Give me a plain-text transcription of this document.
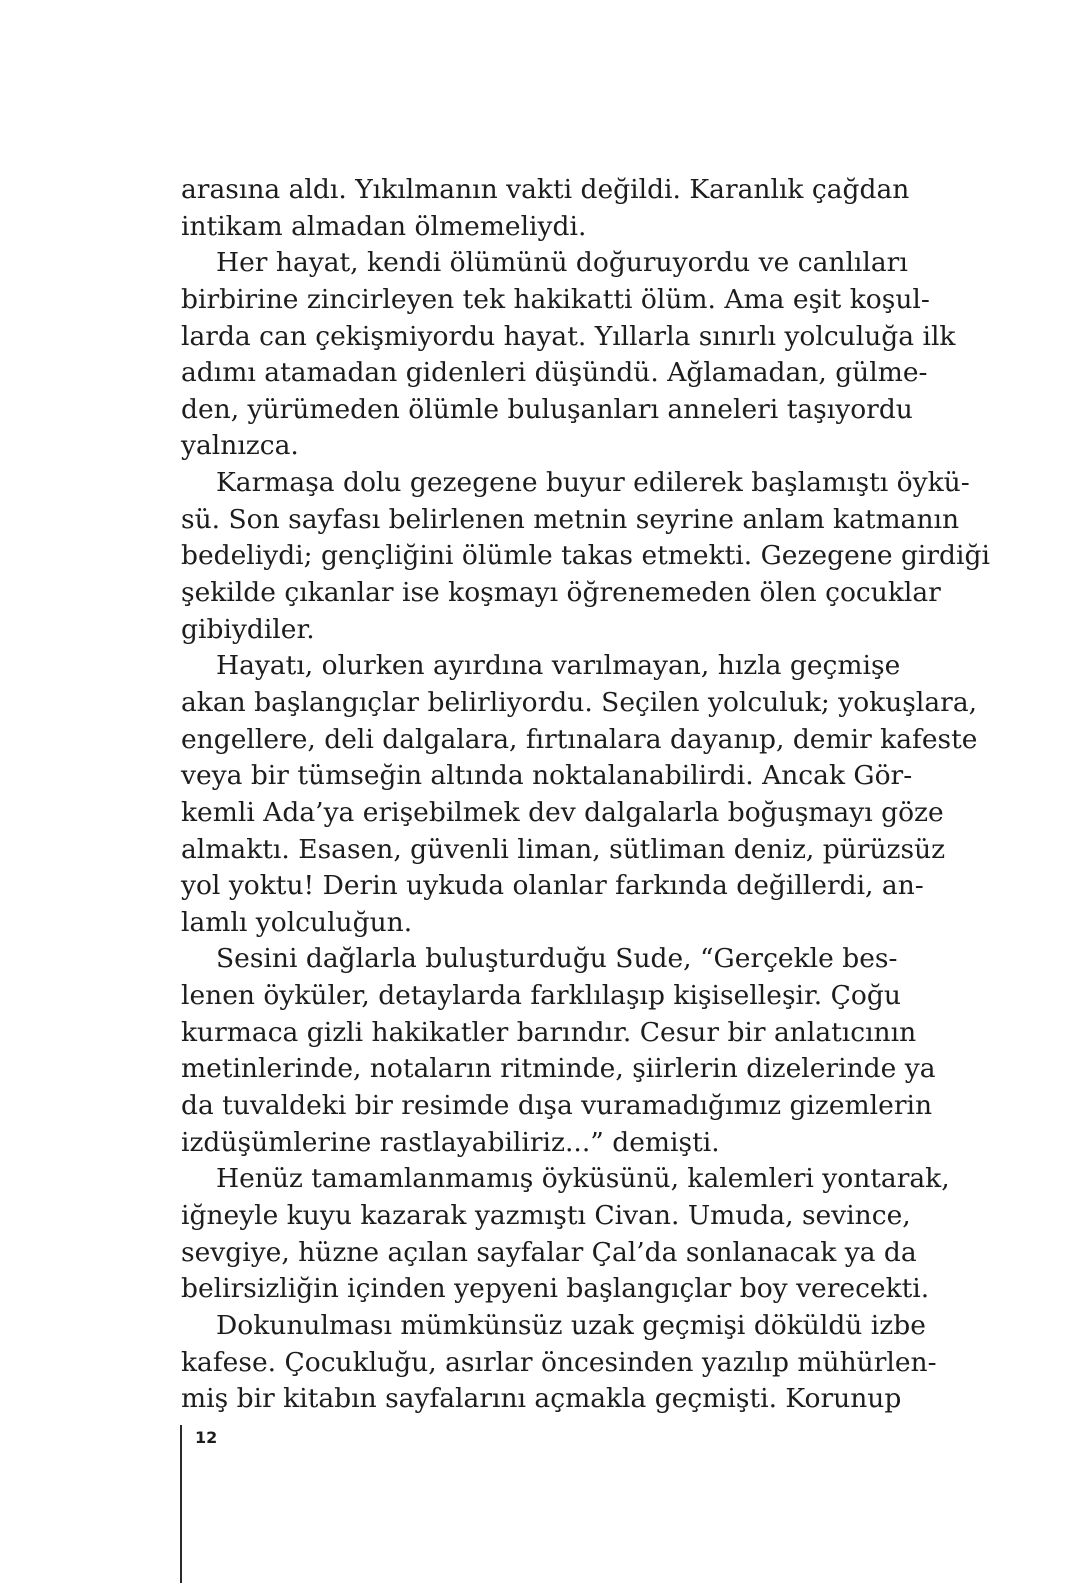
arasına aldı. Yıkılmanın vakti değildi. Karanlık çağdan
intikam almadan ölmemeliydi.
Her hayat, kendi ölümünü doğuruyordu ve canlıları
birbirine zincirleyen tek hakikatti ölüm. Ama eşit koşul-
larda can çekişmiyordu hayat. Yıllarla sınırlı yolculuğa ilk
adımı atamadan gidenleri düşündü. Ağlamadan, gülme-
den, yürümeden ölümle buluşanları anneleri taşıyordu
yalnızca.
Karmaşa dolu gezegene buyur edilerek başlamıştı öykü-
sü. Son sayfası belirlenen metnin seyrine anlam katmanın
bedeliydi; gençliğini ölümle takas etmekti. Gezegene girdiği
şekilde çıkanlar ise koşmayı öğrenemeden ölen çocuklar
gibiydiler.
Hayatı, olurken ayırdına varılmayan, hızla geçmişe
akan başlangıçlar belirliyordu. Seçilen yolculuk; yokuşlara,
engellere, deli dalgalara, fırtınalara dayanıp, demir kafeste
veya bir tümseğin altında noktalanabilirdi. Ancak Gör-
kemli Ada’ya erişebilmek dev dalgalarla boğuşmayı göze
almaktı. Esasen, güvenli liman, sütliman deniz, pürüzsüz
yol yoktu! Derin uykuda olanlar farkında değillerdi, an-
lamlı yolculuğun.
Sesini dağlarla buluşturduğu Sude, “Gerçekle bes-
lenen öyküler, detaylarda farklılaşıp kişiselleşir. Çoğu
kurmaca gizli hakikatler barındır. Cesur bir anlatıcının
metinlerinde, notaların ritminde, şiirlerin dizelerinde ya
da tuvaldeki bir resimde dışa vuramadığımız gizemlerin
izdüşümlerine rastlayabiliriz...” demişti.
Henüz tamamlanmamış öyküsünü, kalemleri yontarak,
iğneyle kuyu kazarak yazmıştı Civan. Umuda, sevince,
sevgiye, hüzne açılan sayfalar Çal’da sonlanacak ya da
belirsizliğin içinden yepyeni başlangıçlar boy verecekti.
Dokunulması mümkünsüz uzak geçmişi döküldü izbe
kafese. Çocukluğu, asırlar öncesinden yazılıp mühürlen-
miş bir kitabın sayfalarını açmakla geçmişti. Korunup
12
